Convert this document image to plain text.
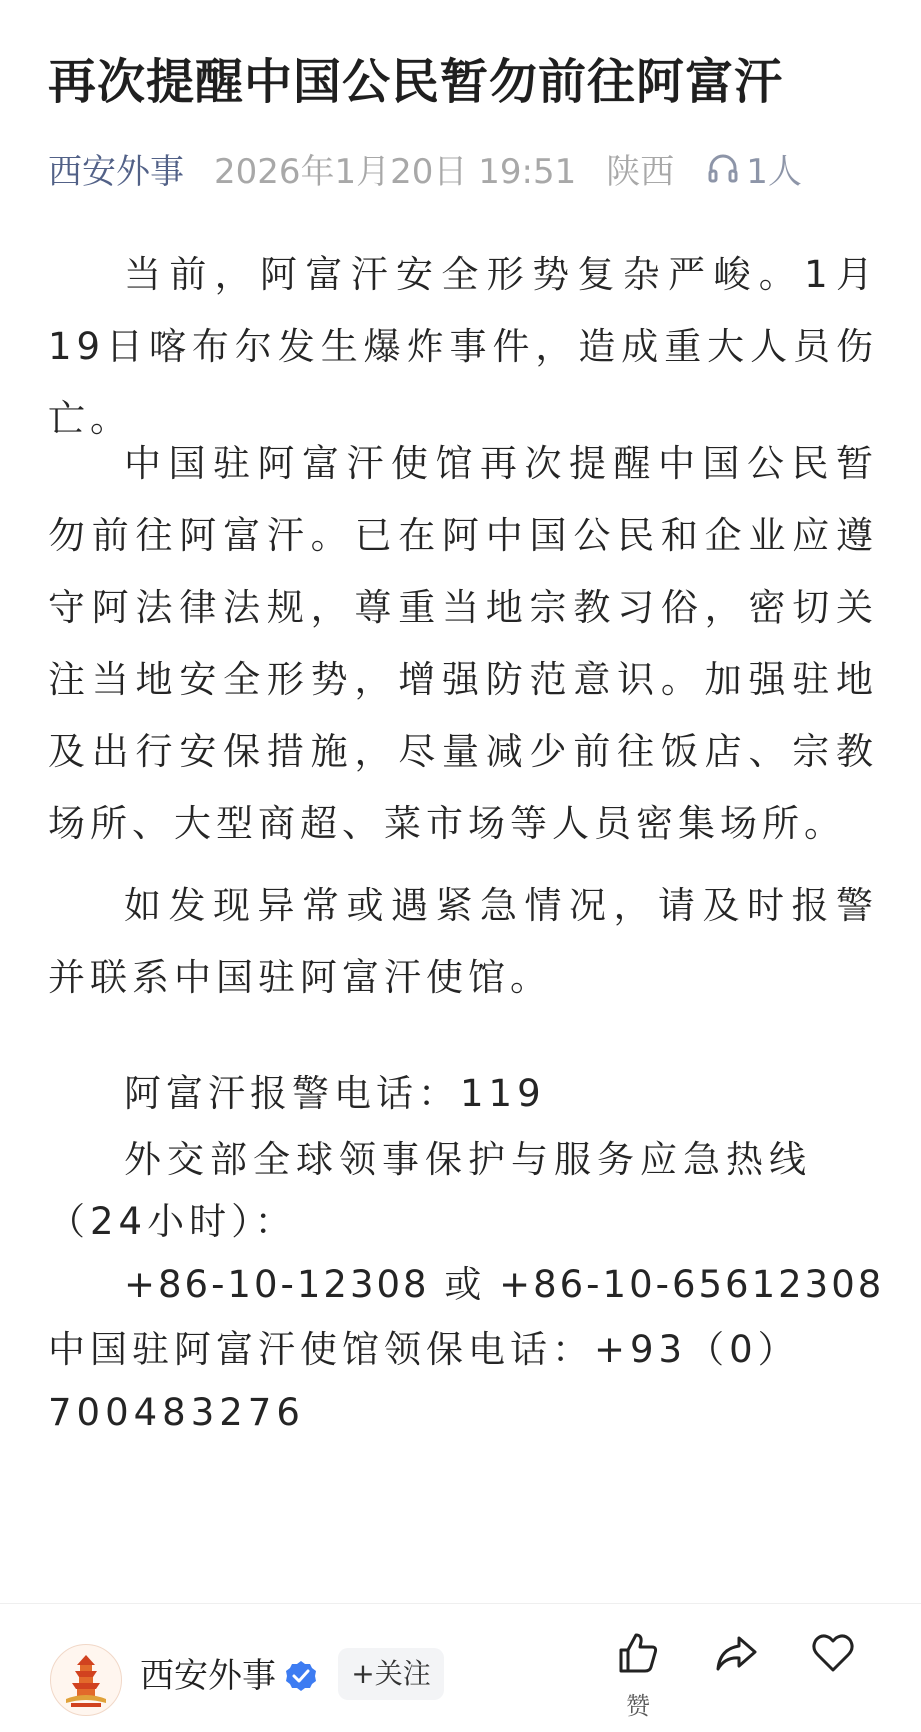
再次提醒中国公民暂勿前往阿富汗
西安外事 2026年1月20日 19:51 陕西 1人

当前，阿富汗安全形势复杂严峻。1月19日喀布尔发生爆炸事件，造成重大人员伤亡。

中国驻阿富汗使馆再次提醒中国公民暂勿前往阿富汗。已在阿中国公民和企业应遵守阿法律法规，尊重当地宗教习俗，密切关注当地安全形势，增强防范意识。加强驻地及出行安保措施，尽量减少前往饭店、宗教场所、大型商超、菜市场等人员密集场所。

如发现异常或遇紧急情况，请及时报警并联系中国驻阿富汗使馆。

阿富汗报警电话：119

外交部全球领事保护与服务应急热线

（24小时）：

+86-10-12308 或 +86-10-65612308

中国驻阿富汗使馆领保电话：+93（0）

700483276

西安外事	+关注
赞
